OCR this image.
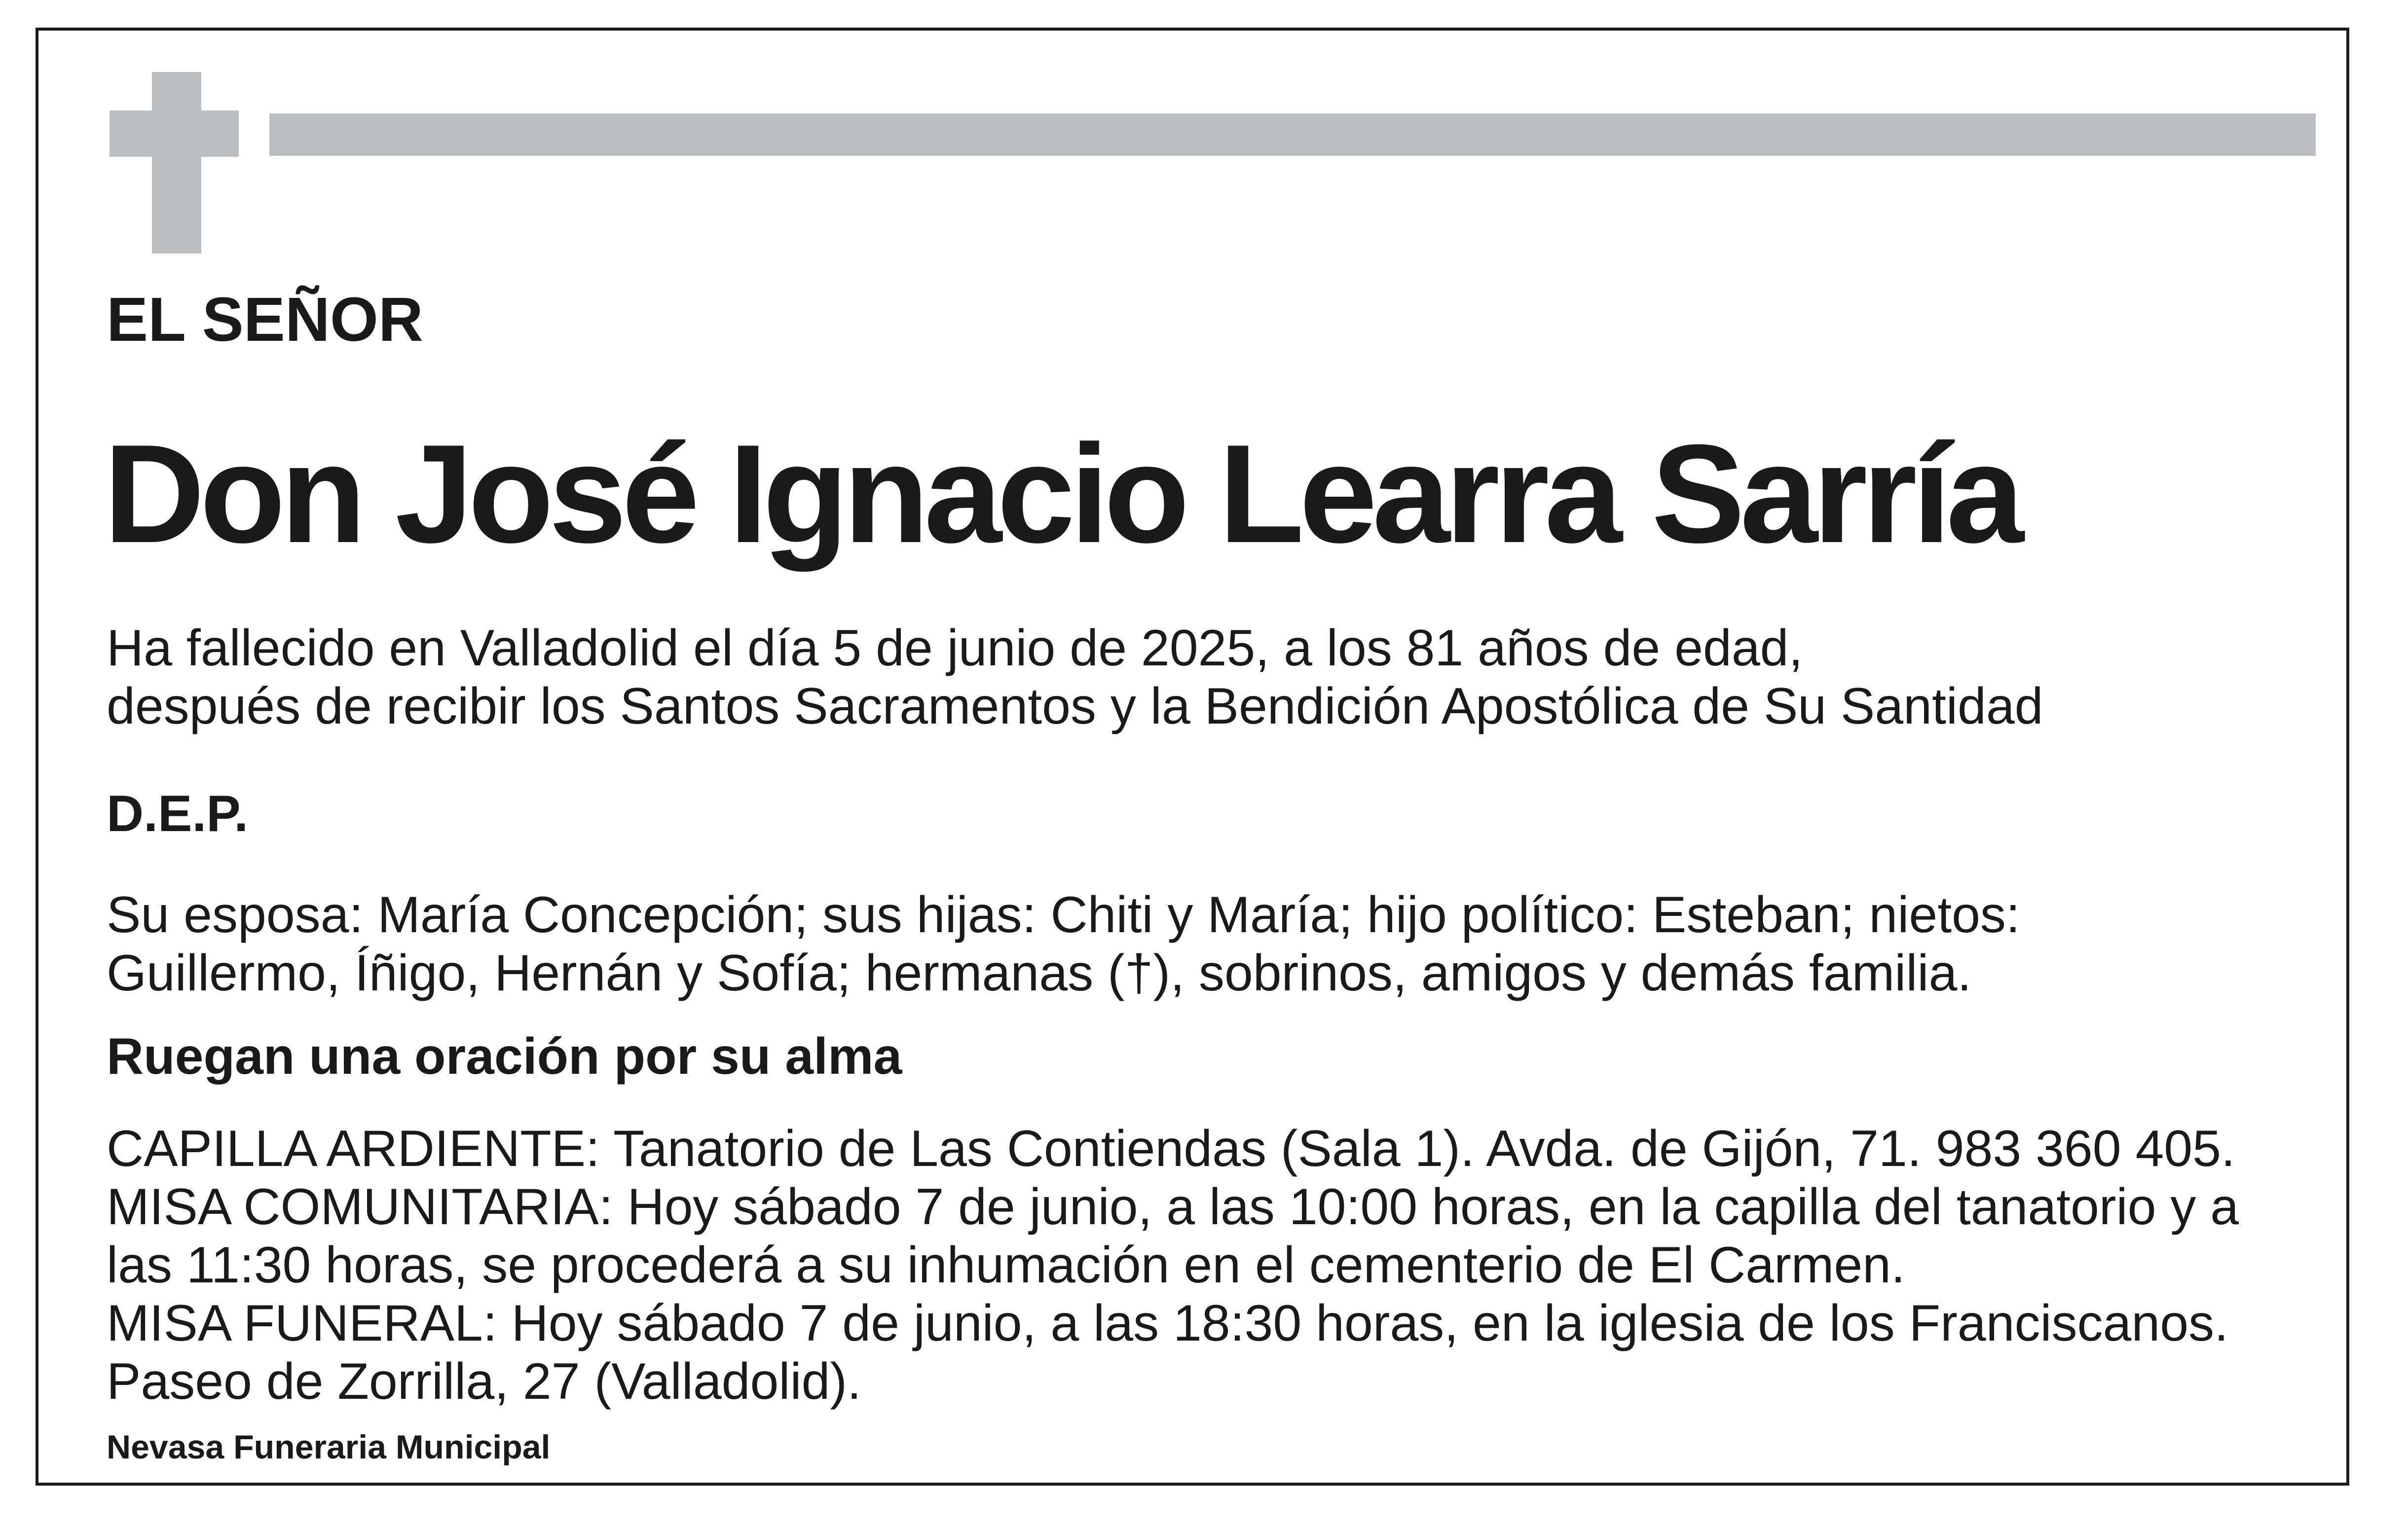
EL SEÑOR
Don José Ignacio Learra Sarría
Ha fallecido en Valladolid el día 5 de junio de 2025, a los 81 años de edad,
después de recibir los Santos Sacramentos y la Bendición Apostólica de Su Santidad
D.E.P.
Su esposa: María Concepción; sus hijas: Chiti y María; hijo político: Esteban; nietos:
Guillermo, Íñigo, Hernán y Sofía; hermanas (†), sobrinos, amigos y demás familia.
Ruegan una oración por su alma
CAPILLA ARDIENTE: Tanatorio de Las Contiendas (Sala 1). Avda. de Gijón, 71. 983 360 405.
MISA COMUNITARIA: Hoy sábado 7 de junio, a las 10:00 horas, en la capilla del tanatorio y a
las 11:30 horas, se procederá a su inhumación en el cementerio de El Carmen.
MISA FUNERAL: Hoy sábado 7 de junio, a las 18:30 horas, en la iglesia de los Franciscanos.
Paseo de Zorrilla, 27 (Valladolid).
Nevasa Funeraria Municipal
